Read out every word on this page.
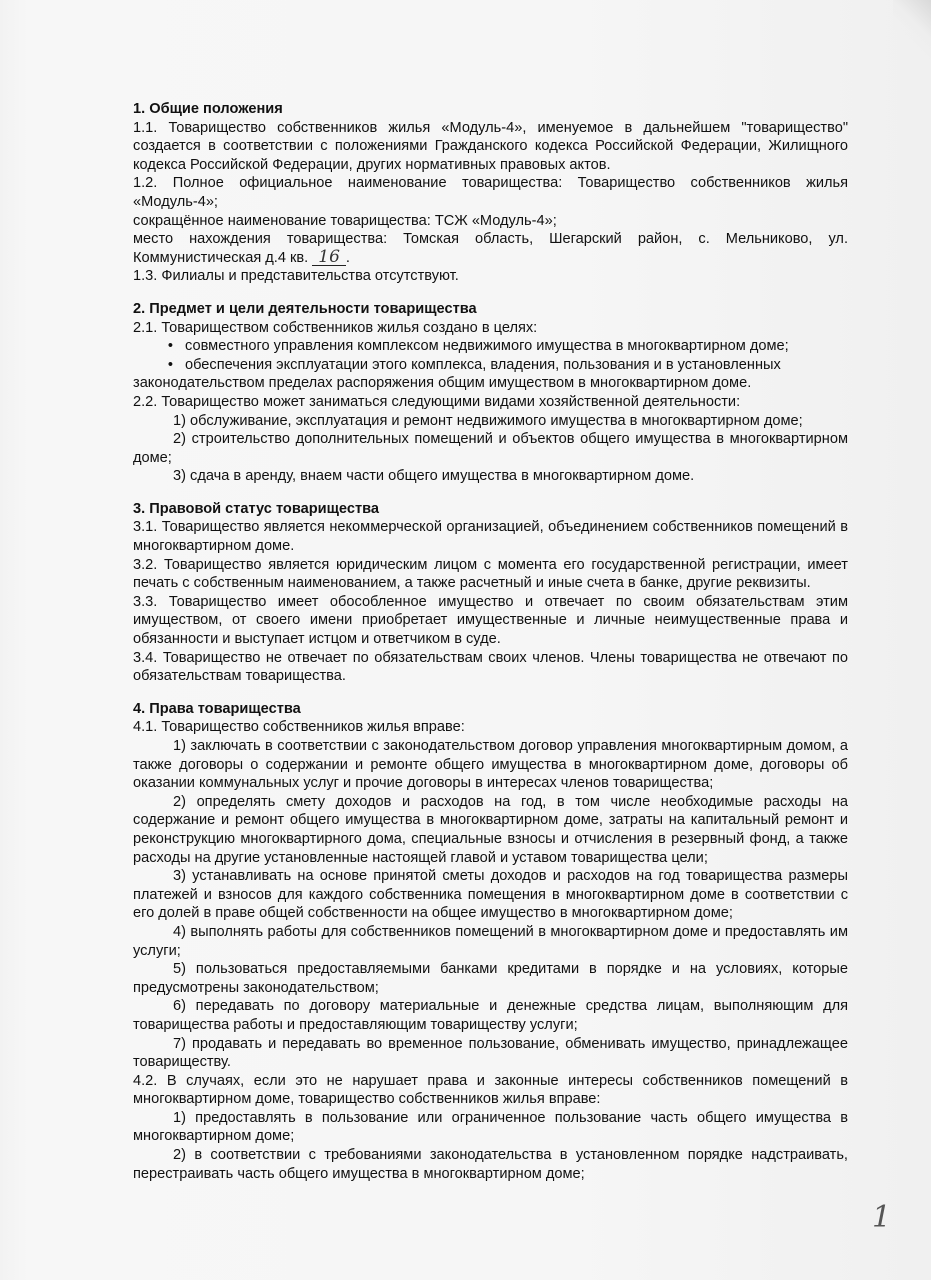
1. Общие положения

1.1. Товарищество собственников жилья «Модуль-4», именуемое в дальнейшем "товарищество" создается в соответствии с положениями Гражданского кодекса Российской Федерации, Жилищного кодекса Российской Федерации, других нормативных правовых актов.

1.2. Полное официальное наименование товарищества: Товарищество собственников жилья «Модуль-4»;

сокращённое наименование товарищества: ТСЖ «Модуль-4»;

место нахождения товарищества: Томская область, Шегарский район, с. Мельниково, ул. Коммунистическая д.4 кв. 16 .

1.3. Филиалы и представительства отсутствуют.

2. Предмет и цели деятельности товарищества

2.1. Товариществом собственников жилья создано в целях:

• совместного управления комплексом недвижимого имущества в многоквартирном доме;
• обеспечения эксплуатации этого комплекса, владения, пользования и в установленных

законодательством пределах распоряжения общим имуществом в многоквартирном доме.

2.2. Товарищество может заниматься следующими видами хозяйственной деятельности:

1) обслуживание, эксплуатация и ремонт недвижимого имущества в многоквартирном доме;

2) строительство дополнительных помещений и объектов общего имущества в многоквартирном доме;

3) сдача в аренду, внаем части общего имущества в многоквартирном доме.

3. Правовой статус товарищества

3.1. Товарищество является некоммерческой организацией, объединением собственников помещений в многоквартирном доме.

3.2. Товарищество является юридическим лицом с момента его государственной регистрации, имеет печать с собственным наименованием, а также расчетный и иные счета в банке, другие реквизиты.

3.3. Товарищество имеет обособленное имущество и отвечает по своим обязательствам этим имуществом, от своего имени приобретает имущественные и личные неимущественные права и обязанности и выступает истцом и ответчиком в суде.

3.4. Товарищество не отвечает по обязательствам своих членов. Члены товарищества не отвечают по обязательствам товарищества.

4. Права товарищества

4.1. Товарищество собственников жилья вправе:

1) заключать в соответствии с законодательством договор управления многоквартирным домом, а также договоры о содержании и ремонте общего имущества в многоквартирном доме, договоры об оказании коммунальных услуг и прочие договоры в интересах членов товарищества;

2) определять смету доходов и расходов на год, в том числе необходимые расходы на содержание и ремонт общего имущества в многоквартирном доме, затраты на капитальный ремонт и реконструкцию многоквартирного дома, специальные взносы и отчисления в резервный фонд, а также расходы на другие установленные настоящей главой и уставом товарищества цели;

3) устанавливать на основе принятой сметы доходов и расходов на год товарищества размеры платежей и взносов для каждого собственника помещения в многоквартирном доме в соответствии с его долей в праве общей собственности на общее имущество в многоквартирном доме;

4) выполнять работы для собственников помещений в многоквартирном доме и предоставлять им услуги;

5) пользоваться предоставляемыми банками кредитами в порядке и на условиях, которые предусмотрены законодательством;

6) передавать по договору материальные и денежные средства лицам, выполняющим для товарищества работы и предоставляющим товариществу услуги;

7) продавать и передавать во временное пользование, обменивать имущество, принадлежащее товариществу.

4.2. В случаях, если это не нарушает права и законные интересы собственников помещений в многоквартирном доме, товарищество собственников жилья вправе:

1) предоставлять в пользование или ограниченное пользование часть общего имущества в многоквартирном доме;

2) в соответствии с требованиями законодательства в установленном порядке надстраивать, перестраивать часть общего имущества в многоквартирном доме;

1
